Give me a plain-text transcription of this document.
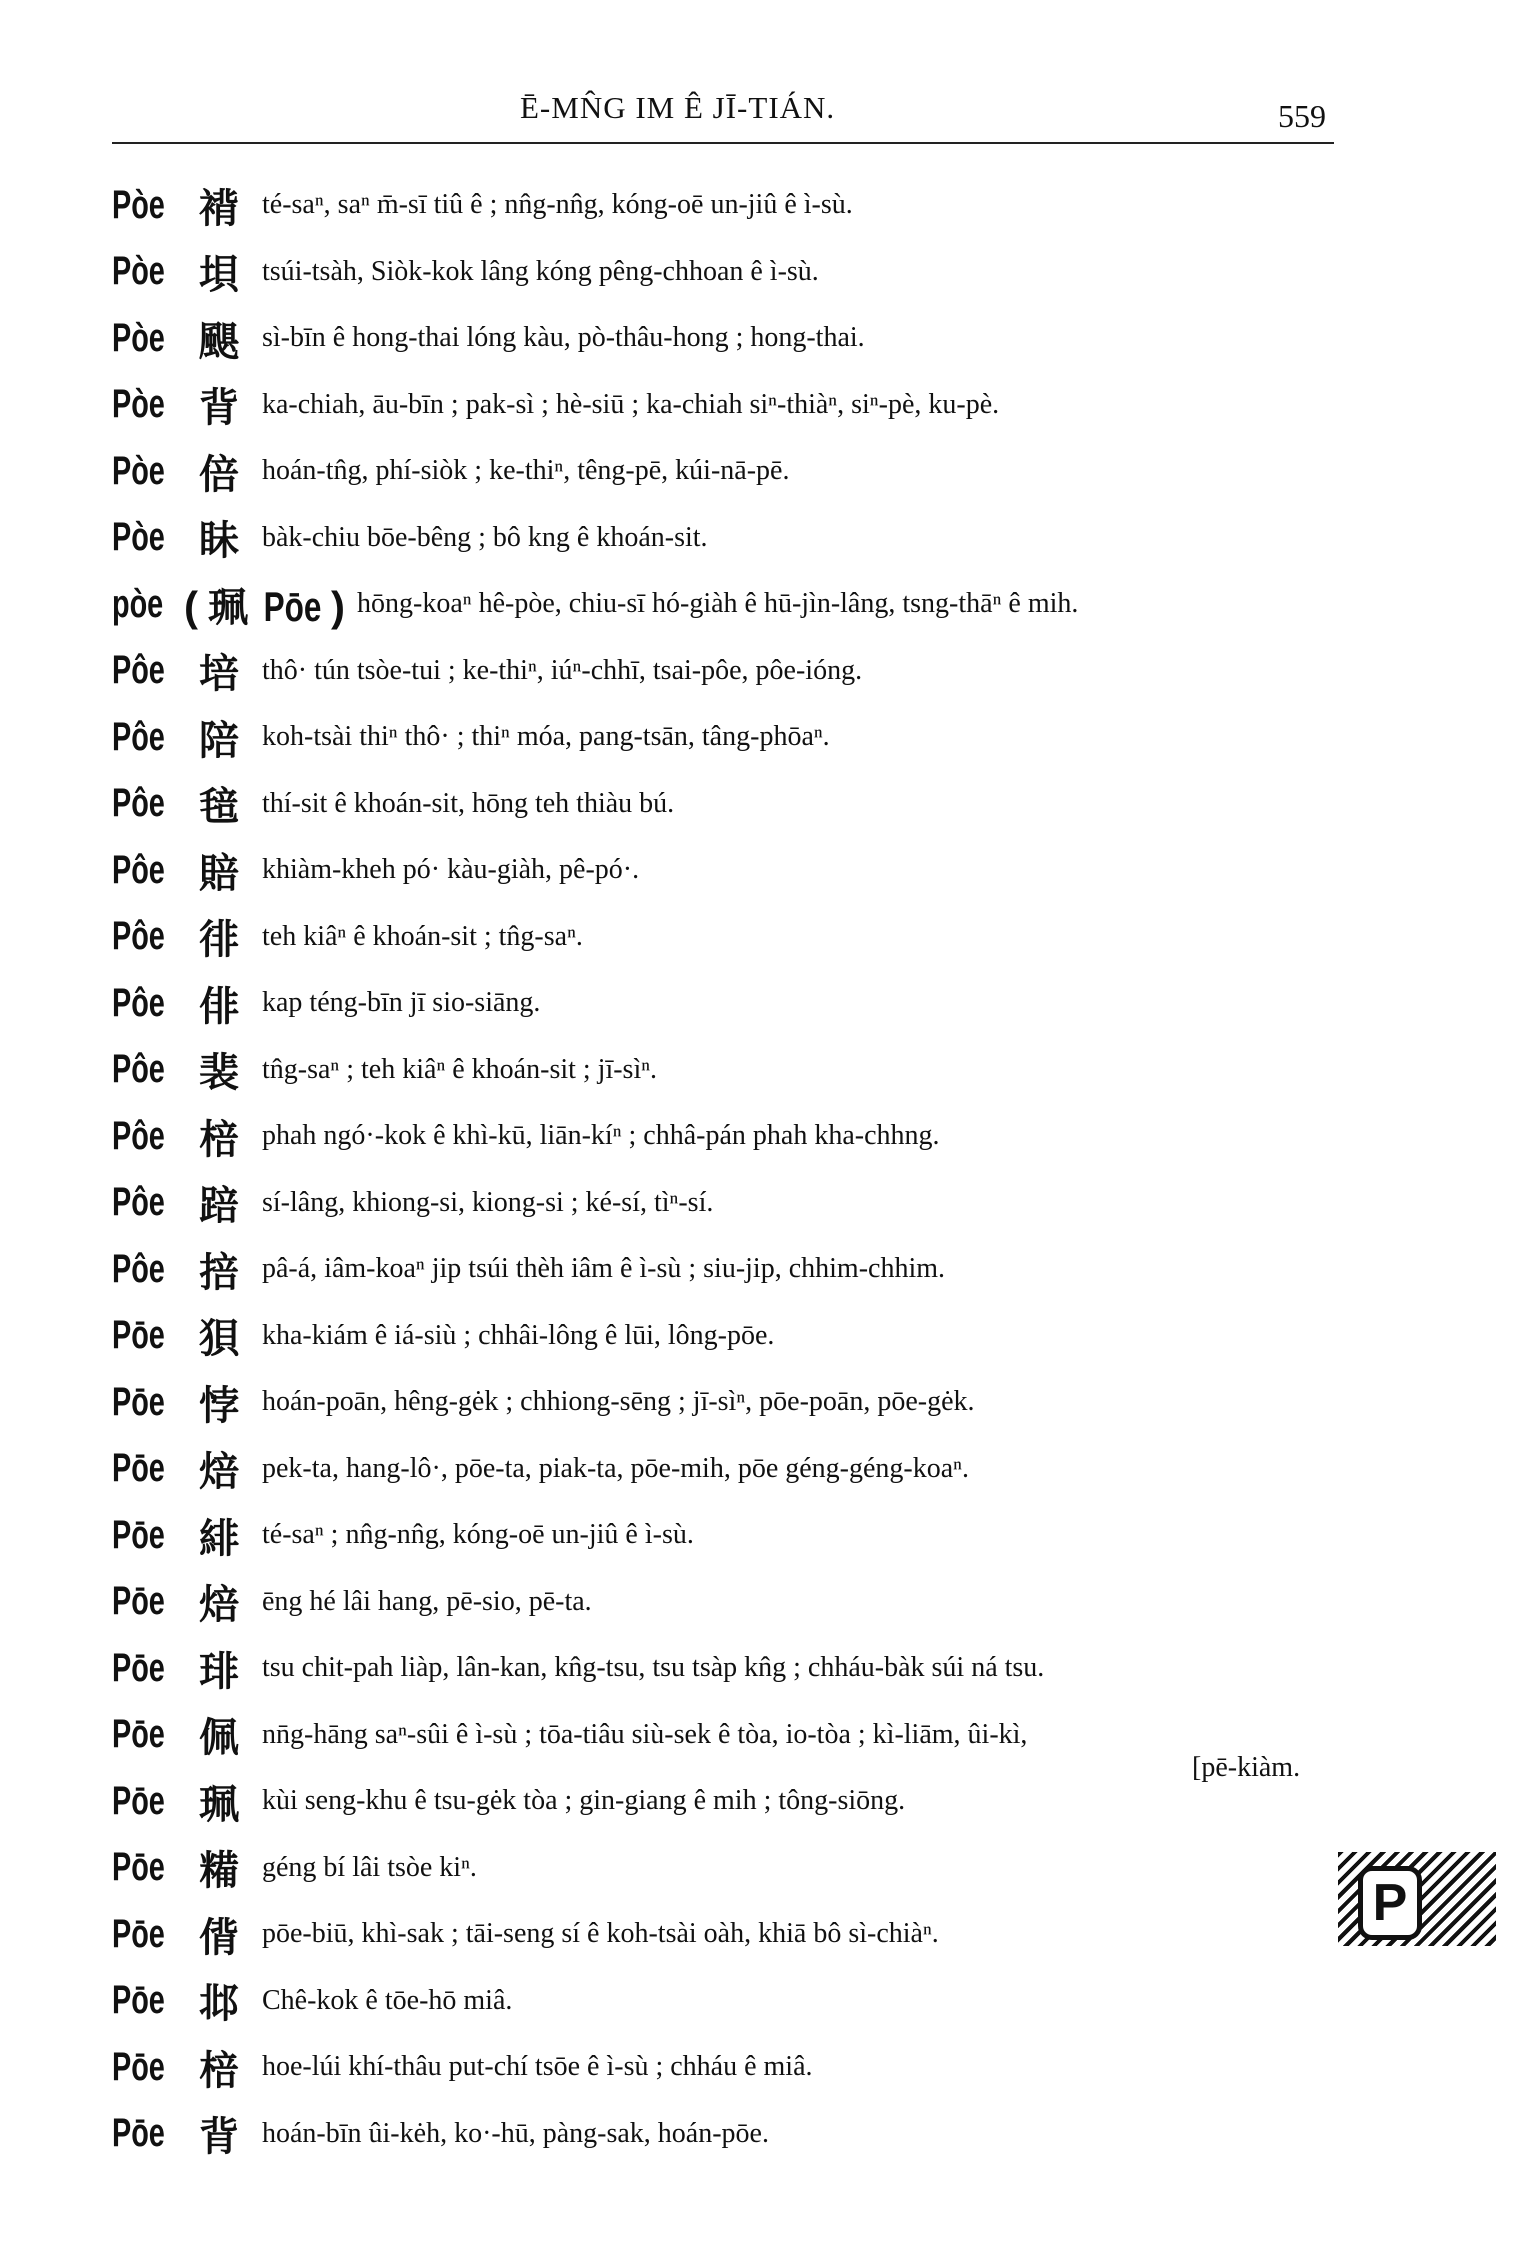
Ē-MN̂G IM Ê JĪ-TIÁN.	559
Pòe 褙 té-saⁿ, saⁿ m̄-sī tiû ê ; nn̂g-nn̂g, kóng-oē un-jiû ê ì-sù.
Pòe 垻 tsúi-tsàh, Siòk-kok lâng kóng pêng-chhoan ê ì-sù.
Pòe 颶 sì-bīn ê hong-thai lóng kàu, pò-thâu-hong ; hong-thai.
Pòe 背 ka-chiah, āu-bīn ; pak-sì ; hè-siū ; ka-chiah siⁿ-thiàⁿ, siⁿ-pè, ku-pè.
Pòe 倍 hoán-tn̂g, phí-siòk ; ke-thiⁿ, têng-pē, kúi-nā-pē.
Pòe 眛 bàk-chiu bōe-bêng ; bô kng ê khoán-sit.
pòe ( 珮 Pōe ) hōng-koaⁿ hê-pòe, chiu-sī hó-giàh ê hū-jìn-lâng, tsng-thāⁿ ê mih.
Pôe 培 thô· tún tsòe-tui ; ke-thiⁿ, iúⁿ-chhī, tsai-pôe, pôe-ióng.
Pôe 陪 koh-tsài thiⁿ thô· ; thiⁿ móa, pang-tsān, tâng-phōaⁿ.
Pôe 毰 thí-sit ê khoán-sit, hōng teh thiàu bú.
Pôe 賠 khiàm-kheh pó· kàu-giàh, pê-pó·.
Pôe 徘 teh kiâⁿ ê khoán-sit ; tn̂g-saⁿ.
Pôe 俳 kap téng-bīn jī sio-siāng.
Pôe 裴 tn̂g-saⁿ ; teh kiâⁿ ê khoán-sit ; jī-sìⁿ.
Pôe 棓 phah ngó·-kok ê khì-kū, liān-kíⁿ ; chhâ-pán phah kha-chhng.
Pôe 踣 sí-lâng, khiong-si, kiong-si ; ké-sí, tìⁿ-sí.
Pôe 掊 pâ-á, iâm-koaⁿ jip tsúi thèh iâm ê ì-sù ; siu-jip, chhim-chhim.
Pōe 狽 kha-kiám ê iá-siù ; chhâi-lông ê lūi, lông-pōe.
Pōe 悖 hoán-poān, hêng-gėk ; chhiong-sēng ; jī-sìⁿ, pōe-poān, pōe-gėk.
Pōe 焙 pek-ta, hang-lô·, pōe-ta, piak-ta, pōe-mih, pōe géng-géng-koaⁿ.
Pōe 緋 té-saⁿ ; nn̂g-nn̂g, kóng-oē un-jiû ê ì-sù.
Pōe 焙 ēng hé lâi hang, pē-sio, pē-ta.
Pōe 琲 tsu chit-pah liàp, lân-kan, kn̂g-tsu, tsu tsàp kn̂g ; chháu-bàk súi ná tsu.
Pōe 佩 nn̄g-hāng saⁿ-sûi ê ì-sù ; tōa-tiâu siù-sek ê tòa, io-tòa ; kì-liām, ûi-kì,
[pē-kiàm.
Pōe 珮 kùi seng-khu ê tsu-gėk tòa ; gin-giang ê mih ; tông-siōng.
Pōe 糒 géng bí lâi tsòe kiⁿ.
Pōe 偝 pōe-biū, khì-sak ; tāi-seng sí ê koh-tsài oàh, khiā bô sì-chiàⁿ.
Pōe 邶 Chê-kok ê tōe-hō miâ.
Pōe 棓 hoe-lúi khí-thâu put-chí tsōe ê ì-sù ; chháu ê miâ.
Pōe 背 hoán-bīn ûi-kėh, ko·-hū, pàng-sak, hoán-pōe.
P
